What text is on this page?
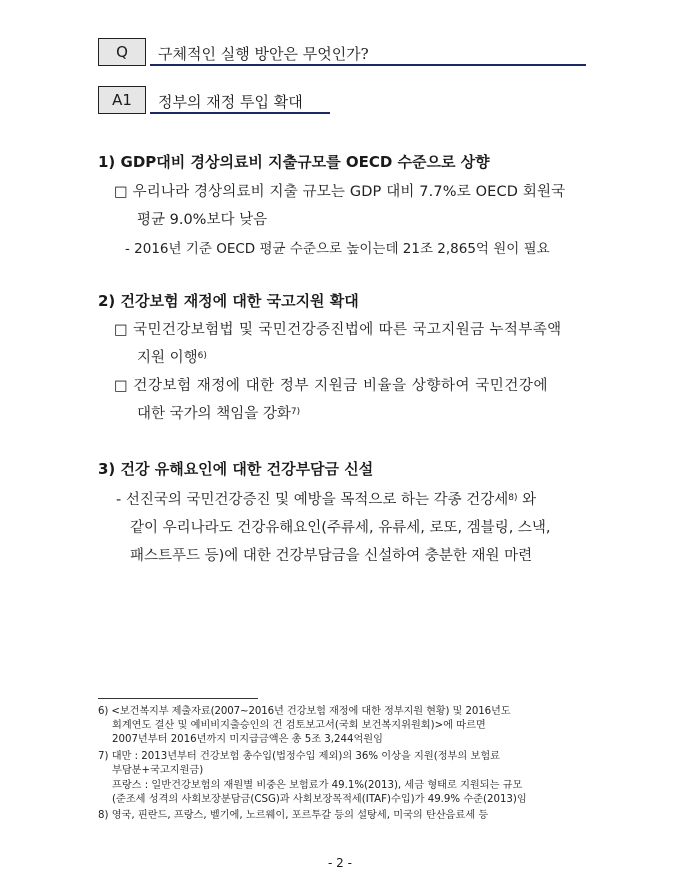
Q 구체적인 실행 방안은 무엇인가?
A1 정부의 재정 투입 확대
1) GDP대비 경상의료비 지출규모를 OECD 수준으로 상향
□ 우리나라 경상의료비 지출 규모는 GDP 대비 7.7%로 OECD 회원국
평균 9.0%보다 낮음
- 2016년 기준 OECD 평균 수준으로 높이는데 21조 2,865억 원이 필요
2) 건강보험 재정에 대한 국고지원 확대
□ 국민건강보험법 및 국민건강증진법에 따른 국고지원금 누적부족액
지원 이행$^{6)}$
□ 건강보험 재정에 대한 정부 지원금 비율을 상향하여 국민건강에
대한 국가의 책임을 강화$^{7)}$
3) 건강 유해요인에 대한 건강부담금 신설
- 선진국의 국민건강증진 및 예방을 목적으로 하는 각종 건강세$^{8)}$ 와
같이 우리나라도 건강유해요인(주류세, 유류세, 로또, 겜블링, 스낵,
패스트푸드 등)에 대한 건강부담금을 신설하여 충분한 재원 마련
6) <보건복지부 제출자료(2007~2016년 건강보험 재정에 대한 정부지원 현황) 및 2016년도
회계연도 결산 및 예비비지출승인의 건 검토보고서(국회 보건복지위원회)>에 따르면
2007년부터 2016년까지 미지급금액은 총 5조 3,244억원임
7) 대만 : 2013년부터 건강보험 총수입(법정수입 제외)의 36% 이상을 지원(정부의 보험료
부담분+국고지원금)
프랑스 : 일반건강보험의 재원별 비중은 보험료가 49.1%(2013), 세금 형태로 지원되는 규모
(준조세 성격의 사회보장분담금(CSG)과 사회보장목적세(ITAF)수입)가 49.9% 수준(2013)임
8) 영국, 핀란드, 프랑스, 벨기에, 노르웨이, 포르투갈 등의 설탕세, 미국의 탄산음료세 등
- 2 -
